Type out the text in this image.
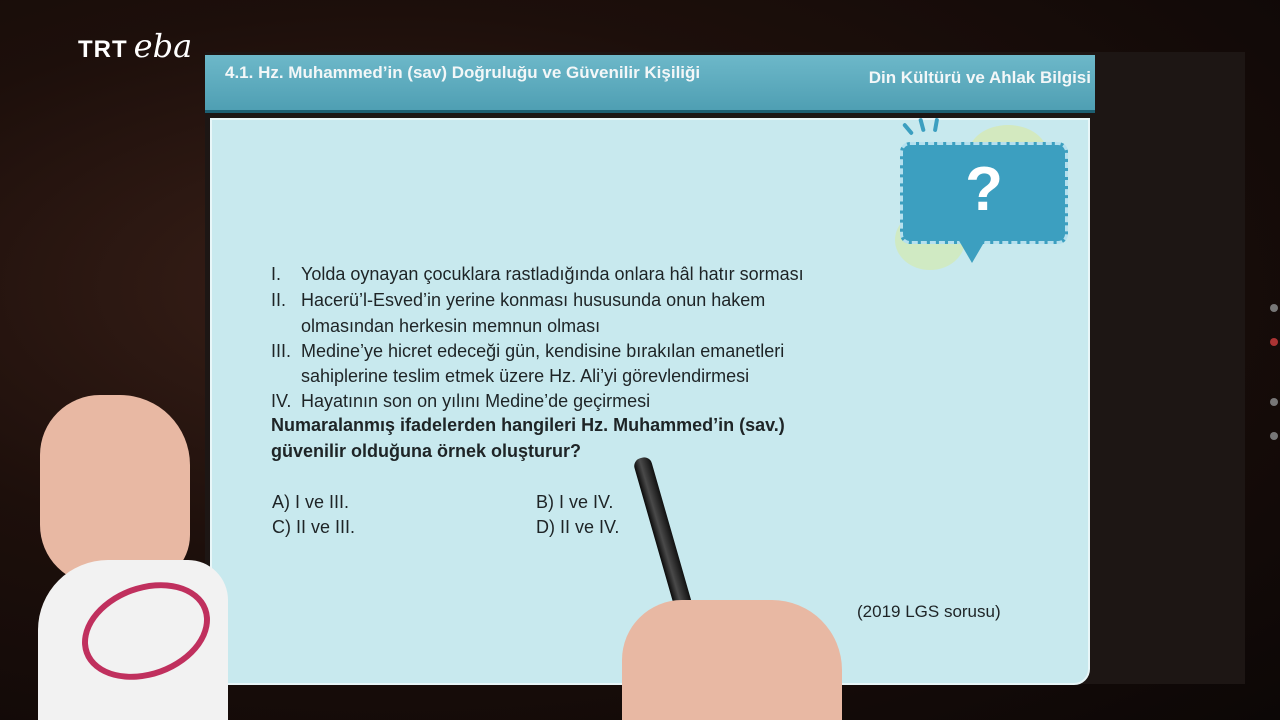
TRT eba
4.1. Hz. Muhammed’in (sav) Doğruluğu ve Güvenilir Kişiliği	Din Kültürü ve Ahlak Bilgisi
?
I. Yolda oynayan çocuklara rastladığında onlara hâl hatır sorması
II. Hacerü’l-Esved’in yerine konması hususunda onun hakem
olmasından herkesin memnun olması
III. Medine’ye hicret edeceği gün, kendisine bırakılan emanetleri
sahiplerine teslim etmek üzere Hz. Ali’yi görevlendirmesi
IV. Hayatının son on yılını Medine’de geçirmesi
Numaralanmış ifadelerden hangileri Hz. Muhammed’in (sav.)
güvenilir olduğuna örnek oluşturur?
A) I ve III.	B) I ve IV.
C) II ve III.	D) II ve IV.
(2019 LGS sorusu)
